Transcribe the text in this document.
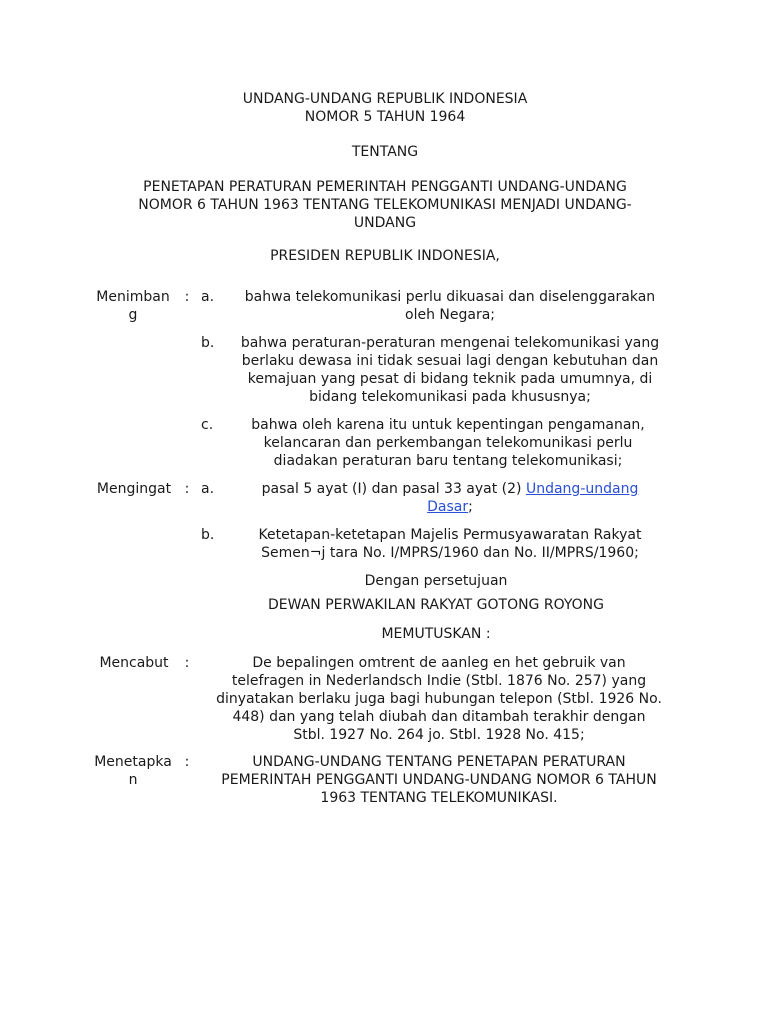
UNDANG-UNDANG REPUBLIK INDONESIA
NOMOR 5 TAHUN 1964
TENTANG
PENETAPAN PERATURAN PEMERINTAH PENGGANTI UNDANG-UNDANG
NOMOR 6 TAHUN 1963 TENTANG TELEKOMUNIKASI MENJADI UNDANG-
UNDANG
PRESIDEN REPUBLIK INDONESIA,
Menimban
g
: a.	bahwa telekomunikasi perlu dikuasai dan diselenggarakan
oleh Negara;
b.	bahwa peraturan-peraturan mengenai telekomunikasi yang
berlaku dewasa ini tidak sesuai lagi dengan kebutuhan dan
kemajuan yang pesat di bidang teknik pada umumnya, di
bidang telekomunikasi pada khususnya;
c.	bahwa oleh karena itu untuk kepentingan pengamanan,
kelancaran dan perkembangan telekomunikasi perlu
diadakan peraturan baru tentang telekomunikasi;
Mengingat : a.	pasal 5 ayat (I) dan pasal 33 ayat (2) Undang-undang
Dasar;
b.	Ketetapan-ketetapan Majelis Permusyawaratan Rakyat
Semen¬j tara No. I/MPRS/1960 dan No. II/MPRS/1960;
Dengan persetujuan
DEWAN PERWAKILAN RAKYAT GOTONG ROYONG
MEMUTUSKAN :
Mencabut	:	De bepalingen omtrent de aanleg en het gebruik van
telefragen in Nederlandsch Indie (Stbl. 1876 No. 257) yang
dinyatakan berlaku juga bagi hubungan telepon (Stbl. 1926 No.
448) dan yang telah diubah dan ditambah terakhir dengan
Stbl. 1927 No. 264 jo. Stbl. 1928 No. 415;
Menetapka
n
:	UNDANG-UNDANG TENTANG PENETAPAN PERATURAN
PEMERINTAH PENGGANTI UNDANG-UNDANG NOMOR 6 TAHUN
1963 TENTANG TELEKOMUNIKASI.
